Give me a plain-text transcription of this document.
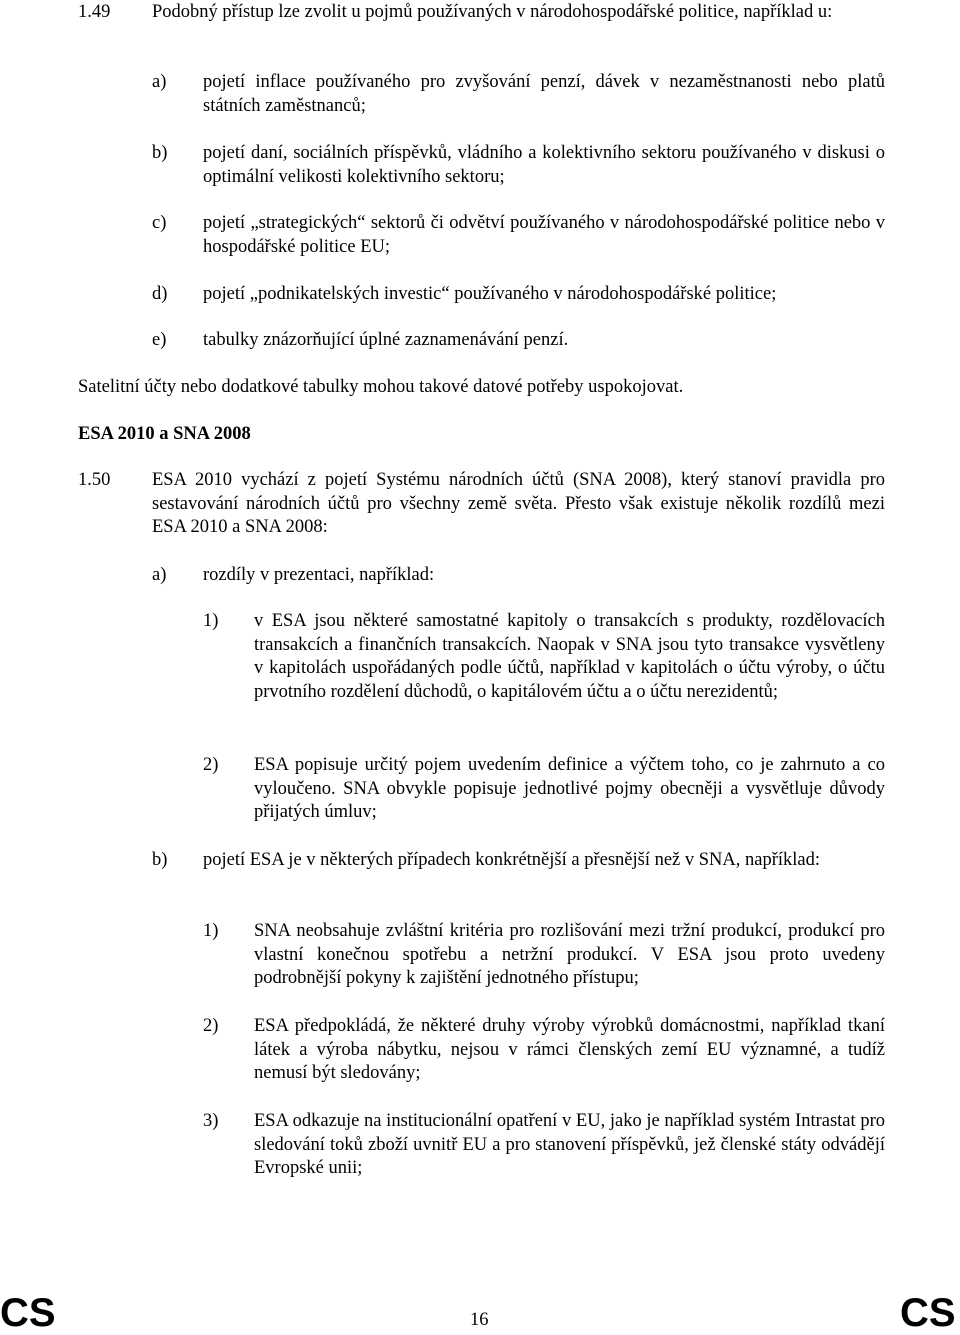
1.49 Podobný přístup lze zvolit u pojmů používaných v národohospodářské politice, například u:
a) pojetí inflace používaného pro zvyšování penzí, dávek v nezaměstnanosti nebo platů státních zaměstnanců;
b) pojetí daní, sociálních příspěvků, vládního a kolektivního sektoru používaného v diskusi o optimální velikosti kolektivního sektoru;
c) pojetí „strategických“ sektorů či odvětví používaného v národohospodářské politice nebo v hospodářské politice EU;
d) pojetí „podnikatelských investic“ používaného v národohospodářské politice;
e) tabulky znázorňující úplné zaznamenávání penzí.
Satelitní účty nebo dodatkové tabulky mohou takové datové potřeby uspokojovat.
ESA 2010 a SNA 2008
1.50 ESA 2010 vychází z pojetí Systému národních účtů (SNA 2008), který stanoví pravidla pro sestavování národních účtů pro všechny země světa. Přesto však existuje několik rozdílů mezi ESA 2010 a SNA 2008:
a) rozdíly v prezentaci, například:
1) v ESA jsou některé samostatné kapitoly o transakcích s produkty, rozdělovacích transakcích a finančních transakcích. Naopak v SNA jsou tyto transakce vysvětleny v kapitolách uspořádaných podle účtů, například v kapitolách o účtu výroby, o účtu prvotního rozdělení důchodů, o kapitálovém účtu a o účtu nerezidentů;
2) ESA popisuje určitý pojem uvedením definice a výčtem toho, co je zahrnuto a co vyloučeno. SNA obvykle popisuje jednotlivé pojmy obecněji a vysvětluje důvody přijatých úmluv;
b) pojetí ESA je v některých případech konkrétnější a přesnější než v SNA, například:
1) SNA neobsahuje zvláštní kritéria pro rozlišování mezi tržní produkcí, produkcí pro vlastní konečnou spotřebu a netržní produkcí. V ESA jsou proto uvedeny podrobnější pokyny k zajištění jednotného přístupu;
2) ESA předpokládá, že některé druhy výroby výrobků domácnostmi, například tkaní látek a výroba nábytku, nejsou v rámci členských zemí EU významné, a tudíž nemusí být sledovány;
3) ESA odkazuje na institucionální opatření v EU, jako je například systém Intrastat pro sledování toků zboží uvnitř EU a pro stanovení příspěvků, jež členské státy odvádějí Evropské unii;
CS	16	CS
